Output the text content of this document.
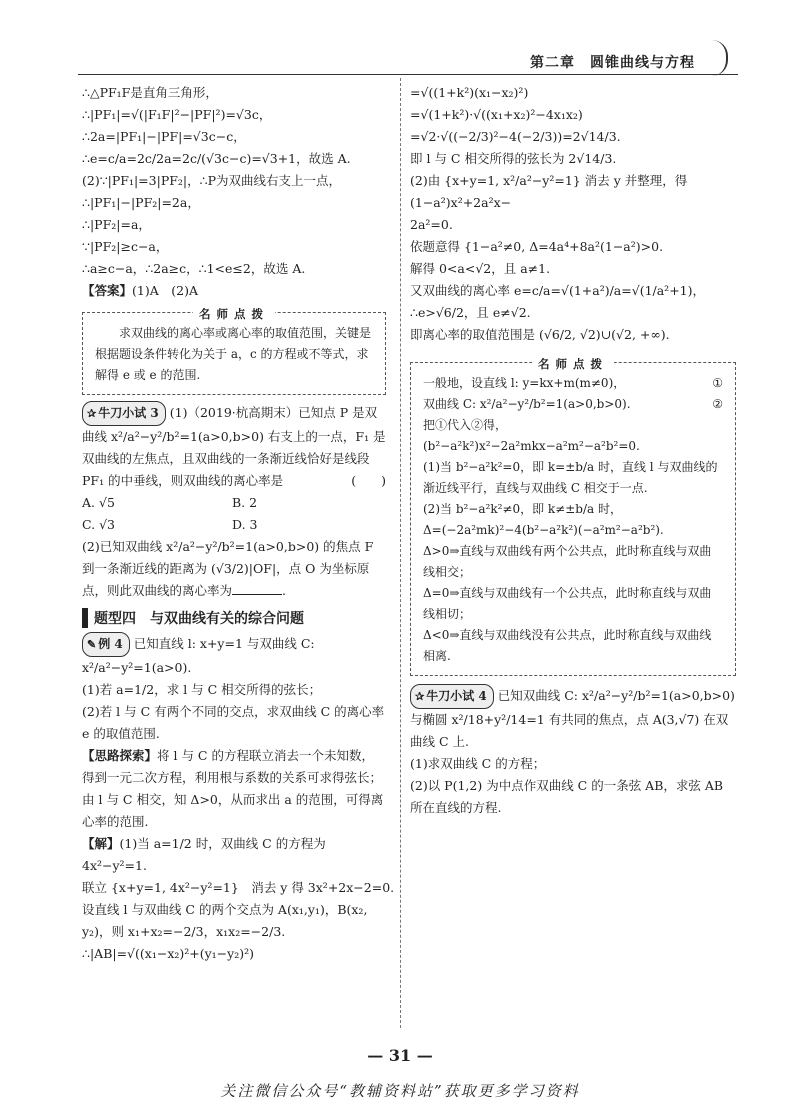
第二章　圆锥曲线与方程
∴△PF₁F是直角三角形，
∴|PF₁|=√(|F₁F|²−|PF|²)=√3c，
∴2a=|PF₁|−|PF|=√3c−c，
∴e=c/a=2c/2a=2c/(√3c−c)=√3+1，故选 A.
(2)∵|PF₁|=3|PF₂|，∴P为双曲线右支上一点，
∴|PF₁|−|PF₂|=2a，
∴|PF₂|=a，
∵|PF₂|≥c−a，
∴a≥c−a，∴2a≥c，∴1<e≤2，故选 A.
【答案】(1)A　(2)A
名师点拨
求双曲线的离心率或离心率的取值范围，关键是根据题设条件转化为关于 a，c 的方程或不等式，求解得 e 或 e 的范围.
✰ 牛刀小试 3 (1)（2019·杭高期末）已知点 P 是双曲线 x²/a²−y²/b²=1(a>0,b>0) 右支上的一点，F₁ 是双曲线的左焦点，且双曲线的一条渐近线恰好是线段 PF₁ 的中垂线，则双曲线的离心率是	(　　)
A. √5	B. 2
C. √3	D. 3
(2)已知双曲线 x²/a²−y²/b²=1(a>0,b>0) 的焦点 F 到一条渐近线的距离为 (√3/2)|OF|，点 O 为坐标原点，则此双曲线的离心率为	.
题型四　与双曲线有关的综合问题
✎ 例 4 已知直线 l: x+y=1 与双曲线 C: x²/a²−y²=1(a>0).
(1)若 a=1/2，求 l 与 C 相交所得的弦长；
(2)若 l 与 C 有两个不同的交点，求双曲线 C 的离心率 e 的取值范围.
【思路探索】将 l 与 C 的方程联立消去一个未知数，得到一元二次方程，利用根与系数的关系可求得弦长；由 l 与 C 相交，知 Δ>0，从而求出 a 的范围，可得离心率的范围.
【解】(1)当 a=1/2 时，双曲线 C 的方程为 4x²−y²=1.
联立 {x+y=1, 4x²−y²=1}　消去 y 得 3x²+2x−2=0.
设直线 l 与双曲线 C 的两个交点为 A(x₁,y₁)，B(x₂,
y₂)，则 x₁+x₂=−2/3，x₁x₂=−2/3.
∴|AB|=√((x₁−x₂)²+(y₁−y₂)²)
=√((1+k²)(x₁−x₂)²)
=√(1+k²)·√((x₁+x₂)²−4x₁x₂)
=√2·√((−2/3)²−4(−2/3))=2√14/3.
即 l 与 C 相交所得的弦长为 2√14/3.
(2)由 {x+y=1, x²/a²−y²=1} 消去 y 并整理，得 (1−a²)x²+2a²x−
2a²=0.
依题意得 {1−a²≠0, Δ=4a⁴+8a²(1−a²)>0.
解得 0<a<√2，且 a≠1.
又双曲线的离心率 e=c/a=√(1+a²)/a=√(1/a²+1)，
∴e>√6/2，且 e≠√2.
即离心率的取值范围是 (√6/2, √2)∪(√2, +∞).
名师点拨
一般地，设直线 l: y=kx+m(m≠0)，	①
双曲线 C: x²/a²−y²/b²=1(a>0,b>0).	②
把①代入②得，
(b²−a²k²)x²−2a²mkx−a²m²−a²b²=0.
(1)当 b²−a²k²=0，即 k=±b/a 时，直线 l 与双曲线的渐近线平行，直线与双曲线 C 相交于一点.
(2)当 b²−a²k²≠0，即 k≠±b/a 时，
Δ=(−2a²mk)²−4(b²−a²k²)(−a²m²−a²b²).
Δ>0⇒直线与双曲线有两个公共点，此时称直线与双曲线相交；
Δ=0⇒直线与双曲线有一个公共点，此时称直线与双曲线相切；
Δ<0⇒直线与双曲线没有公共点，此时称直线与双曲线相离.
✰ 牛刀小试 4 已知双曲线 C: x²/a²−y²/b²=1(a>0,b>0) 与椭圆 x²/18+y²/14=1 有共同的焦点，点 A(3,√7) 在双曲线 C 上.
(1)求双曲线 C 的方程；
(2)以 P(1,2) 为中点作双曲线 C 的一条弦 AB，求弦 AB 所在直线的方程.
— 31 —
关注微信公众号“教辅资料站”获取更多学习资料
